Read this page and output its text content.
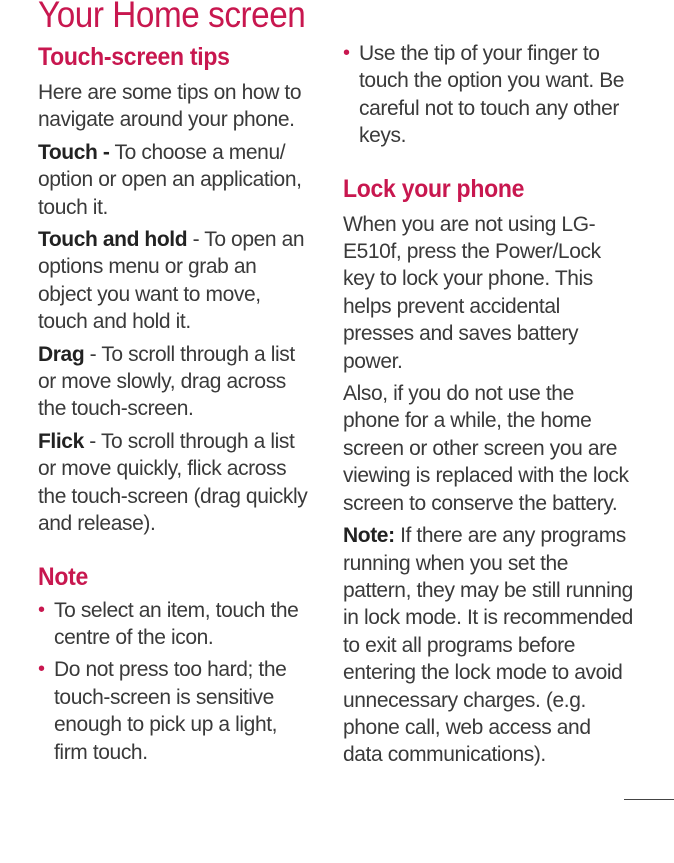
Your Home screen
Touch-screen tips

Here are some tips on how to navigate around your phone.

Touch - To choose a menu/ option or open an application, touch it.

Touch and hold - To open an options menu or grab an object you want to move, touch and hold it.

Drag - To scroll through a list or move slowly, drag across the touch-screen.

Flick - To scroll through a list or move quickly, flick across the touch-screen (drag quickly and release).

Note
• To select an item, touch the centre of the icon.
• Do not press too hard; the touch-screen is sensitive enough to pick up a light, firm touch.
• Use the tip of your finger to touch the option you want. Be careful not to touch any other keys.
Lock your phone

When you are not using LG-E510f, press the Power/Lock key to lock your phone. This helps prevent accidental presses and saves battery power.

Also, if you do not use the phone for a while, the home screen or other screen you are viewing is replaced with the lock screen to conserve the battery.

Note: If there are any programs running when you set the pattern, they may be still running in lock mode. It is recommended to exit all programs before entering the lock mode to avoid unnecessary charges. (e.g. phone call, web access and data communications).
